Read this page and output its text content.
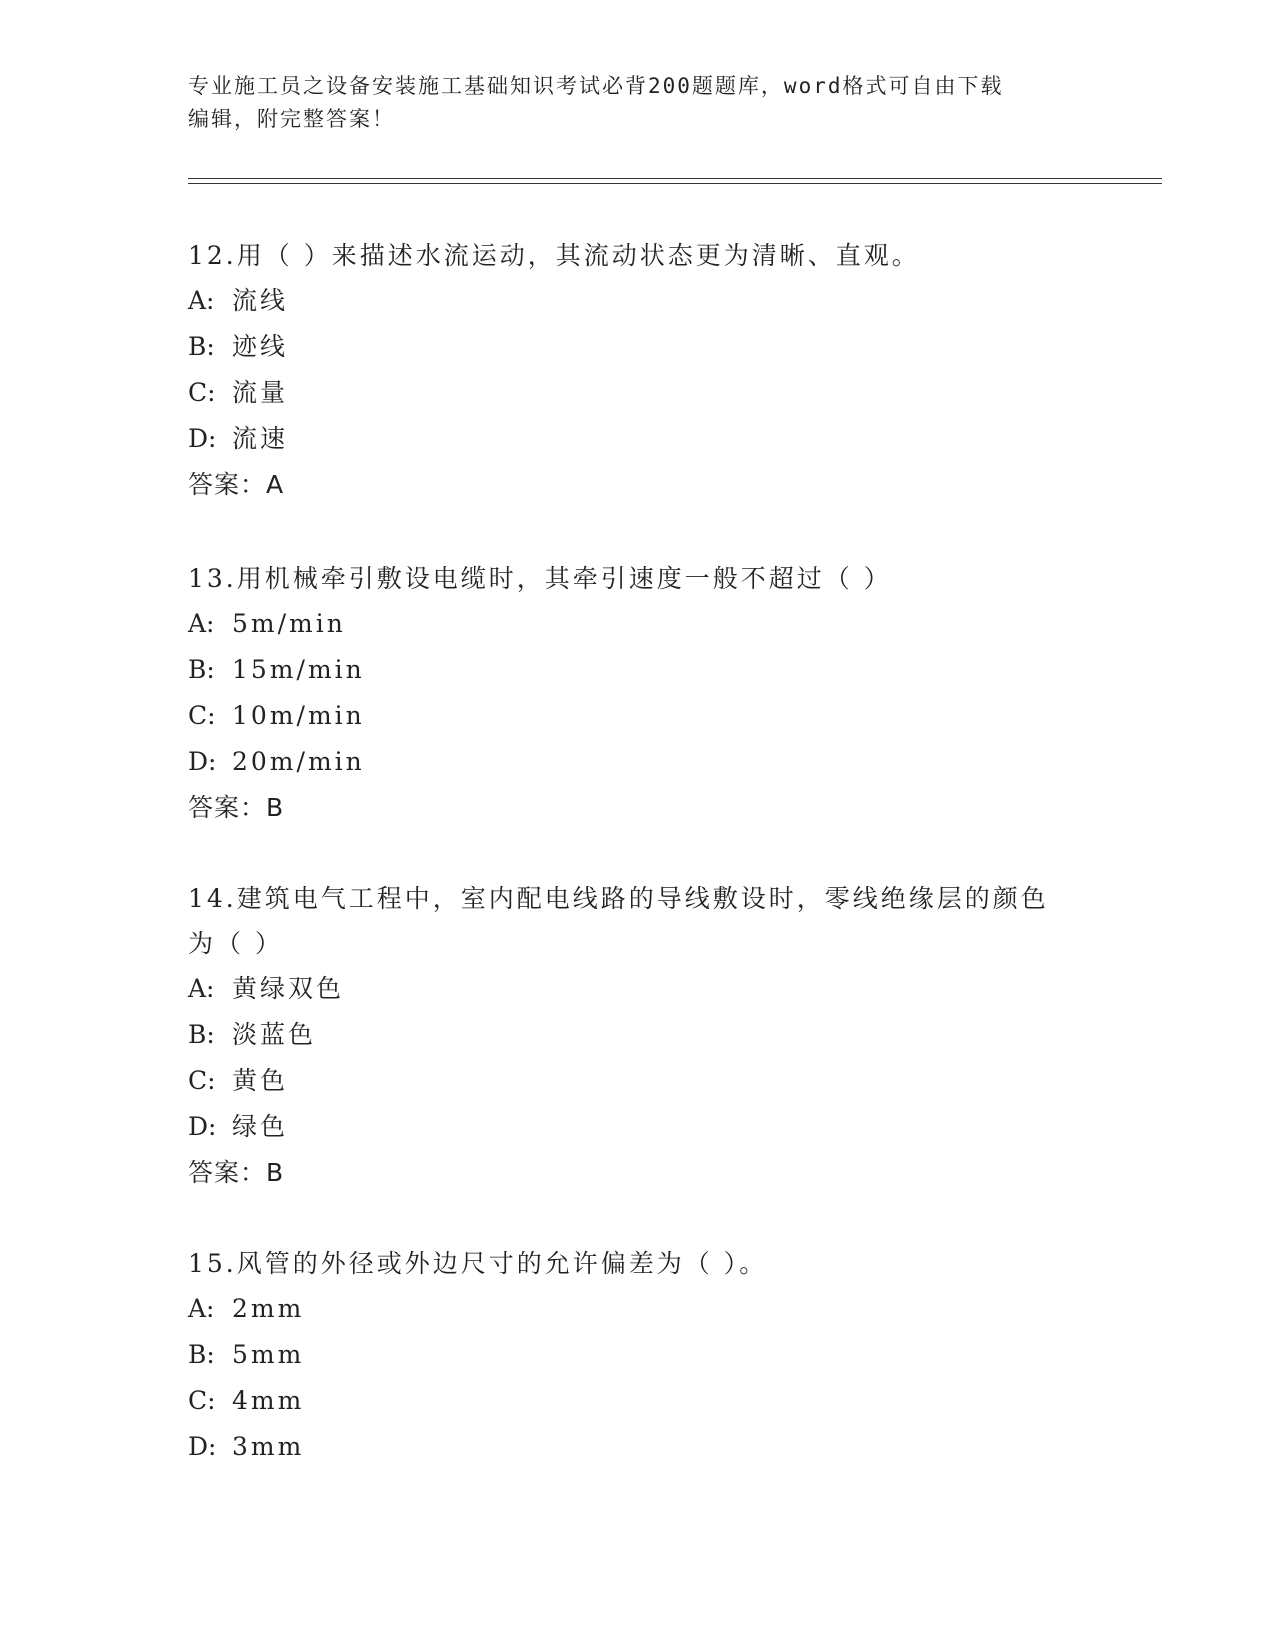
专业施工员之设备安装施工基础知识考试必背200题题库，word格式可自由下载
编辑，附完整答案！

12.用（ ）来描述水流运动，其流动状态更为清晰、直观。

A: 流线

B: 迹线

C: 流量

D: 流速

答案：A

13.用机械牵引敷设电缆时，其牵引速度一般不超过（ ）

A: 5m/min

B: 15m/min

C: 10m/min

D: 20m/min

答案：B

14.建筑电气工程中，室内配电线路的导线敷设时，零线绝缘层的颜色

为（ ）

A: 黄绿双色

B: 淡蓝色

C: 黄色

D: 绿色

答案：B

15.风管的外径或外边尺寸的允许偏差为（ ）。

A: 2mm

B: 5mm

C: 4mm

D: 3mm
